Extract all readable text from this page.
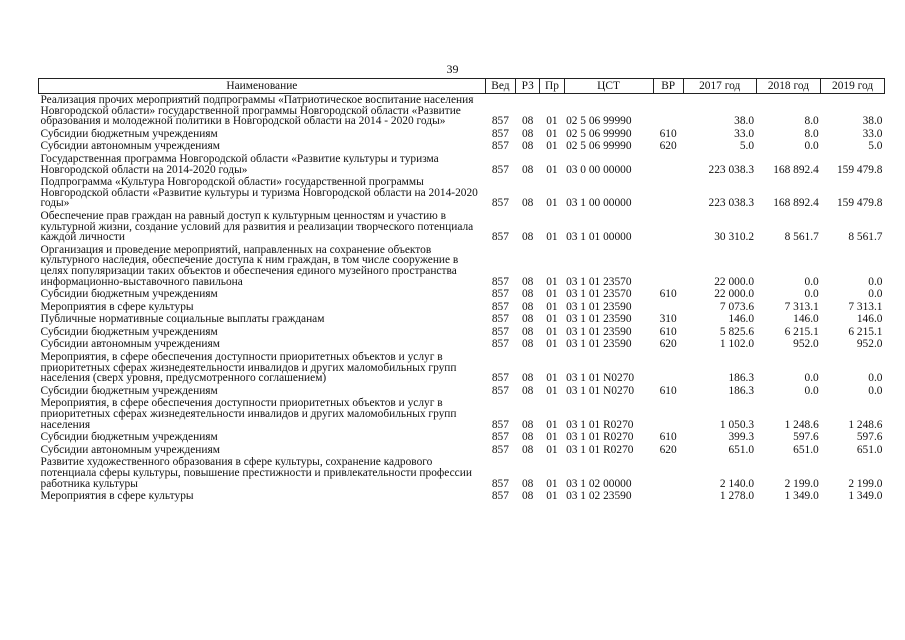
39
Наименование	Вед	РЗ	Пр	ЦСТ	ВР	2017 год	2018 год	2019 год
Реализация прочих мероприятий подпрограммы «Патриотическое воспитание населения Новгородской области» государственной программы Новгородской области «Развитие образования и молодежной политики в Новгородской области на 2014 - 2020 годы»	857	08	01	02 5 06 99990		38.0	8.0	38.0
Субсидии бюджетным учреждениям	857	08	01	02 5 06 99990	610	33.0	8.0	33.0
Субсидии автономным учреждениям	857	08	01	02 5 06 99990	620	5.0	0.0	5.0
Государственная программа Новгородской области «Развитие культуры и туризма Новгородской области на 2014-2020 годы»	857	08	01	03 0 00 00000		223 038.3	168 892.4	159 479.8
Подпрограмма «Культура Новгородской области» государственной программы Новгородской области «Развитие культуры и туризма Новгородской области на 2014-2020 годы»	857	08	01	03 1 00 00000		223 038.3	168 892.4	159 479.8
Обеспечение прав граждан на равный доступ к культурным ценностям и участию в культурной жизни, создание условий для развития и реализации творческого потенциала каждой личности	857	08	01	03 1 01 00000		30 310.2	8 561.7	8 561.7
Организация и проведение мероприятий, направленных на сохранение объектов культурного наследия, обеспечение доступа к ним граждан, в том числе сооружение в целях популяризации таких объектов и обеспечения единого музейного пространства информационно-выставочного павильона	857	08	01	03 1 01 23570		22 000.0	0.0	0.0
Субсидии бюджетным учреждениям	857	08	01	03 1 01 23570	610	22 000.0	0.0	0.0
Мероприятия в сфере культуры	857	08	01	03 1 01 23590		7 073.6	7 313.1	7 313.1
Публичные нормативные социальные выплаты гражданам	857	08	01	03 1 01 23590	310	146.0	146.0	146.0
Субсидии бюджетным учреждениям	857	08	01	03 1 01 23590	610	5 825.6	6 215.1	6 215.1
Субсидии автономным учреждениям	857	08	01	03 1 01 23590	620	1 102.0	952.0	952.0
Мероприятия, в сфере обеспечения доступности приоритетных объектов и услуг в приоритетных сферах жизнедеятельности инвалидов и других маломобильных групп населения (сверх уровня, предусмотренного соглашением)	857	08	01	03 1 01 N0270		186.3	0.0	0.0
Субсидии бюджетным учреждениям	857	08	01	03 1 01 N0270	610	186.3	0.0	0.0
Мероприятия, в сфере обеспечения доступности приоритетных объектов и услуг в приоритетных сферах жизнедеятельности инвалидов и других маломобильных групп населения	857	08	01	03 1 01 R0270		1 050.3	1 248.6	1 248.6
Субсидии бюджетным учреждениям	857	08	01	03 1 01 R0270	610	399.3	597.6	597.6
Субсидии автономным учреждениям	857	08	01	03 1 01 R0270	620	651.0	651.0	651.0
Развитие художественного образования в сфере культуры, сохранение кадрового потенциала сферы культуры, повышение престижности и привлекательности профессии работника культуры	857	08	01	03 1 02 00000		2 140.0	2 199.0	2 199.0
Мероприятия в сфере культуры	857	08	01	03 1 02 23590		1 278.0	1 349.0	1 349.0
